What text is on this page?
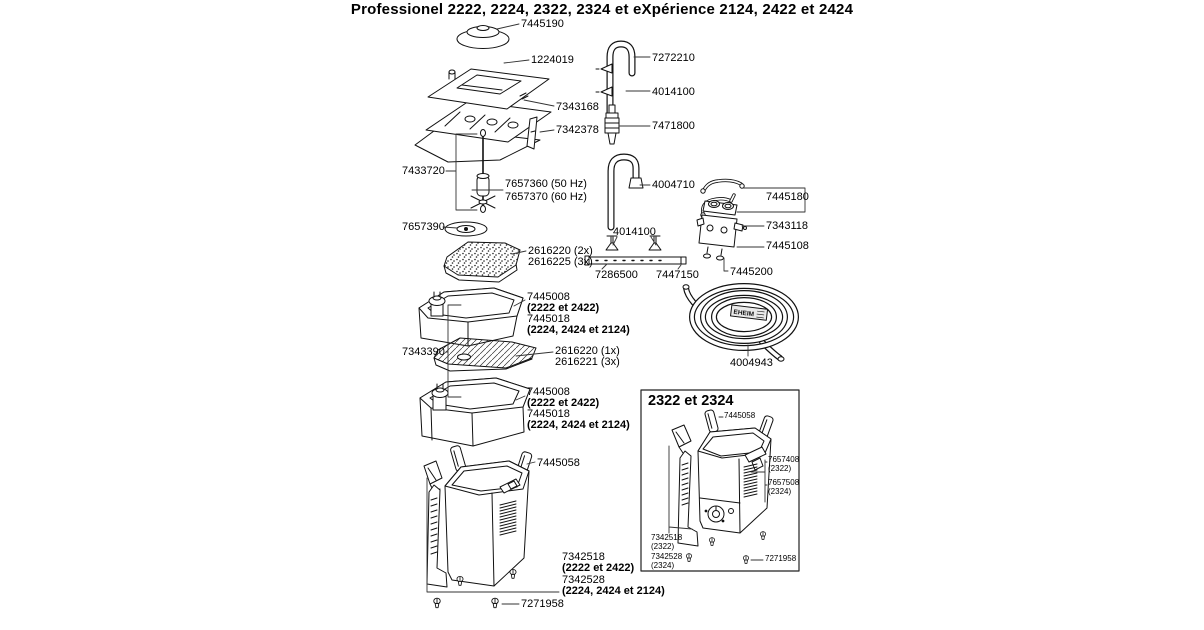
Professionel 2222, 2224, 2322, 2324 et eXpérience 2124, 2422 et 2424
EHEIM
2322 et 2324
7445190
1224019
7343168
7342378
7433720
7657360 (50 Hz)
7657370 (60 Hz)
7657390
2616220 (2x)
2616225 (3x)
7445008
(2222 et 2422)
7445018
(2224, 2424 et 2124)
7343390	2616220 (1x)
2616221 (3x)
7445008
(2222 et 2422)
7445018
(2224, 2424 et 2124)
7445058
7342518
(2222 et 2422)
7342528
(2224, 2424 et 2124)
7271958
7272210
4014100
7471800
4004710
4014100
7286500 7447150
7445180
7343118
7445108
7445200
4004943
7445058
7657408
(2322)
7657508
(2324)
7342518
(2322)
7342528
(2324)
7271958
